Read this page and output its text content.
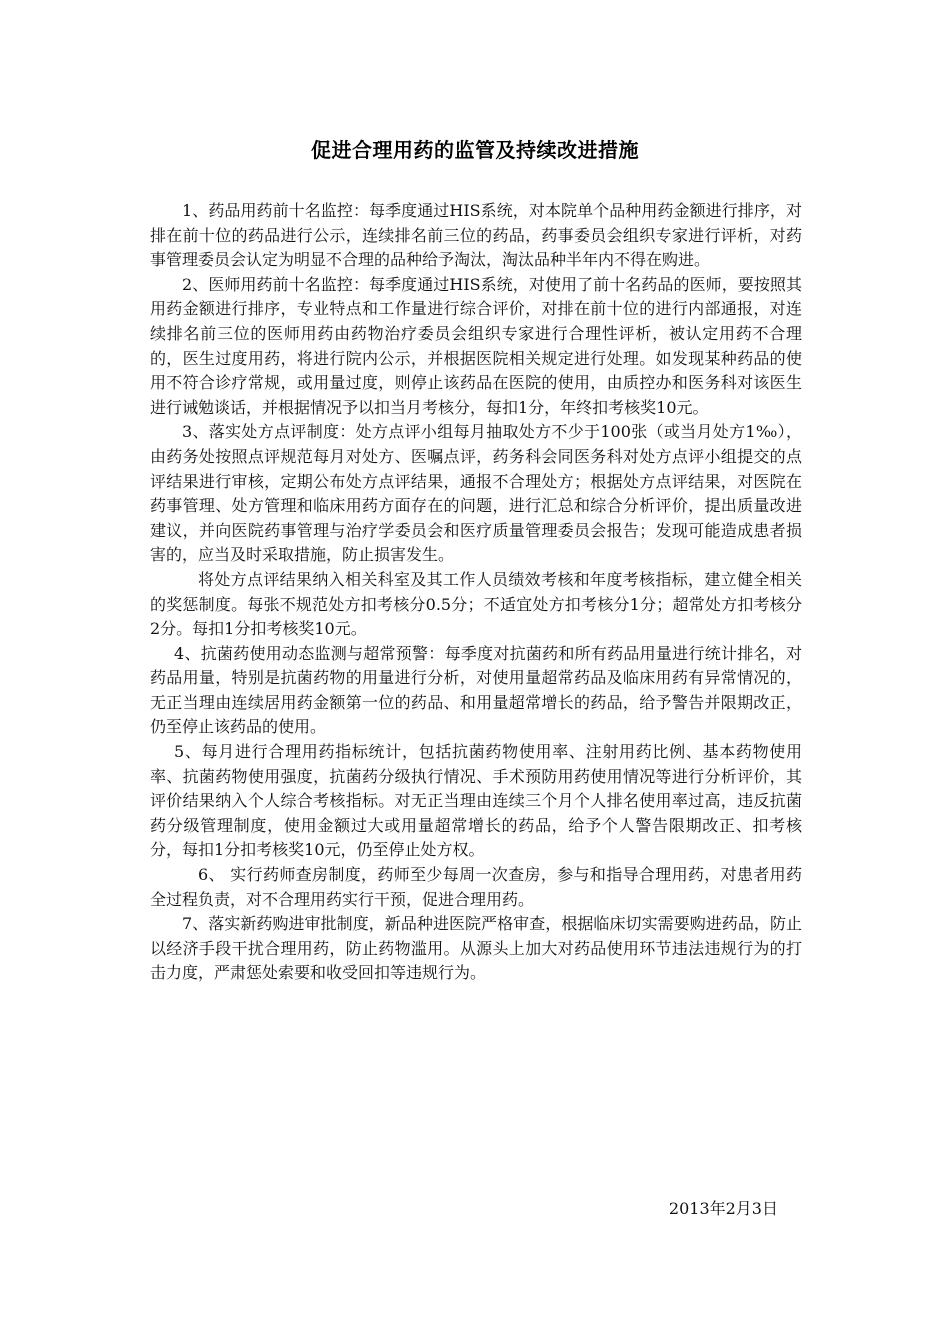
促进合理用药的监管及持续改进措施

1、药品用药前十名监控：每季度通过HIS系统，对本院单个品种用药金额进行排序，对排在前十位的药品进行公示，连续排名前三位的药品，药事委员会组织专家进行评析，对药事管理委员会认定为明显不合理的品种给予淘汰，淘汰品种半年内不得在购进。

2、医师用药前十名监控：每季度通过HIS系统，对使用了前十名药品的医师，要按照其用药金额进行排序，专业特点和工作量进行综合评价，对排在前十位的进行内部通报，对连续排名前三位的医师用药由药物治疗委员会组织专家进行合理性评析，被认定用药不合理的，医生过度用药，将进行院内公示，并根据医院相关规定进行处理。如发现某种药品的使用不符合诊疗常规，或用量过度，则停止该药品在医院的使用，由质控办和医务科对该医生进行诫勉谈话，并根据情况予以扣当月考核分，每扣1分，年终扣考核奖10元。

3、落实处方点评制度：处方点评小组每月抽取处方不少于100张（或当月处方1‰），由药务处按照点评规范每月对处方、医嘱点评，药务科会同医务科对处方点评小组提交的点评结果进行审核，定期公布处方点评结果，通报不合理处方；根据处方点评结果，对医院在药事管理、处方管理和临床用药方面存在的问题，进行汇总和综合分析评价，提出质量改进建议，并向医院药事管理与治疗学委员会和医疗质量管理委员会报告；发现可能造成患者损害的，应当及时采取措施，防止损害发生。

将处方点评结果纳入相关科室及其工作人员绩效考核和年度考核指标，建立健全相关的奖惩制度。每张不规范处方扣考核分0.5分；不适宜处方扣考核分1分；超常处方扣考核分2分。每扣1分扣考核奖10元。

4、抗菌药使用动态监测与超常预警：每季度对抗菌药和所有药品用量进行统计排名，对药品用量，特别是抗菌药物的用量进行分析，对使用量超常药品及临床用药有异常情况的，无正当理由连续居用药金额第一位的药品、和用量超常增长的药品，给予警告并限期改正，仍至停止该药品的使用。

5、每月进行合理用药指标统计，包括抗菌药物使用率、注射用药比例、基本药物使用率、抗菌药物使用强度，抗菌药分级执行情况、手术预防用药使用情况等进行分析评价，其评价结果纳入个人综合考核指标。对无正当理由连续三个月个人排名使用率过高，违反抗菌药分级管理制度，使用金额过大或用量超常增长的药品，给予个人警告限期改正、扣考核分，每扣1分扣考核奖10元，仍至停止处方权。

6、 实行药师查房制度，药师至少每周一次查房，参与和指导合理用药，对患者用药全过程负责，对不合理用药实行干预，促进合理用药。

7、落实新药购进审批制度，新品种进医院严格审查，根据临床切实需要购进药品，防止以经济手段干扰合理用药，防止药物滥用。从源头上加大对药品使用环节违法违规行为的打击力度，严肃惩处索要和收受回扣等违规行为。

2013年2月3日
